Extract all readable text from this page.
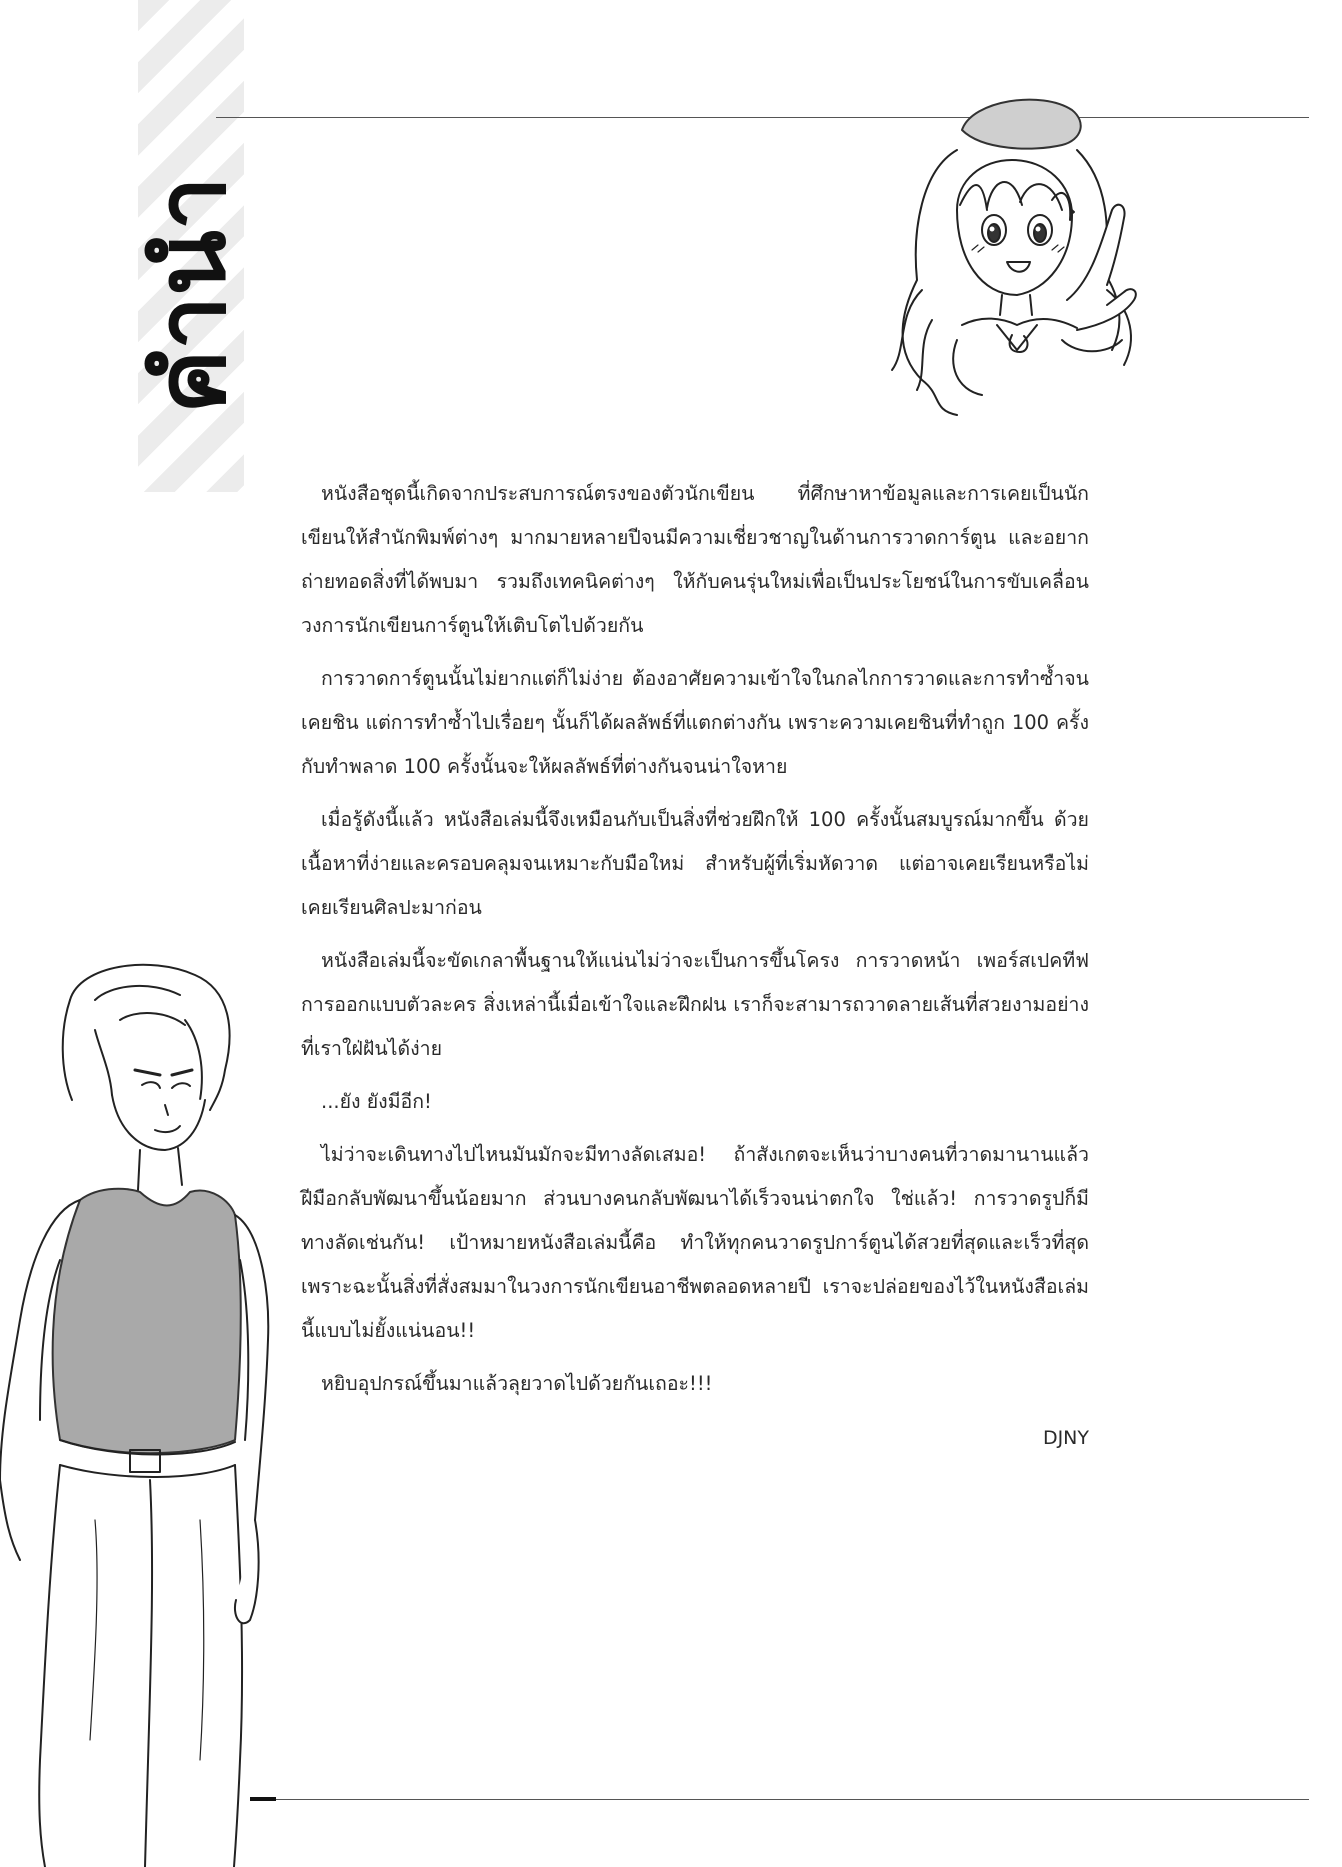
คำนำ

หนังสือชุดนี้เกิดจากประสบการณ์ตรงของตัวนักเขียน ที่ศึกษาหาข้อมูลและการเคยเป็นนักเขียนให้สำนักพิมพ์ต่างๆ มากมายหลายปีจนมีความเชี่ยวชาญในด้านการวาดการ์ตูน และอยากถ่ายทอดสิ่งที่ได้พบมา รวมถึงเทคนิคต่างๆ ให้กับคนรุ่นใหม่เพื่อเป็นประโยชน์ในการขับเคลื่อนวงการนักเขียนการ์ตูนให้เติบโตไปด้วยกัน

การวาดการ์ตูนนั้นไม่ยากแต่ก็ไม่ง่าย ต้องอาศัยความเข้าใจในกลไกการวาดและการทำซ้ำจนเคยชิน แต่การทำซ้ำไปเรื่อยๆ นั้นก็ได้ผลลัพธ์ที่แตกต่างกัน เพราะความเคยชินที่ทำถูก 100 ครั้ง กับทำพลาด 100 ครั้งนั้นจะให้ผลลัพธ์ที่ต่างกันจนน่าใจหาย

เมื่อรู้ดังนี้แล้ว หนังสือเล่มนี้จึงเหมือนกับเป็นสิ่งที่ช่วยฝึกให้ 100 ครั้งนั้นสมบูรณ์มากขึ้น ด้วยเนื้อหาที่ง่ายและครอบคลุมจนเหมาะกับมือใหม่ สำหรับผู้ที่เริ่มหัดวาด แต่อาจเคยเรียนหรือไม่เคยเรียนศิลปะมาก่อน

หนังสือเล่มนี้จะขัดเกลาพื้นฐานให้แน่นไม่ว่าจะเป็นการขึ้นโครง การวาดหน้า เพอร์สเปคทีฟ การออกแบบตัวละคร สิ่งเหล่านี้เมื่อเข้าใจและฝึกฝน เราก็จะสามารถวาดลายเส้นที่สวยงามอย่างที่เราใฝ่ฝันได้ง่าย

...ยัง ยังมีอีก!

ไม่ว่าจะเดินทางไปไหนมันมักจะมีทางลัดเสมอ! ถ้าสังเกตจะเห็นว่าบางคนที่วาดมานานแล้วฝีมือกลับพัฒนาขึ้นน้อยมาก ส่วนบางคนกลับพัฒนาได้เร็วจนน่าตกใจ ใช่แล้ว! การวาดรูปก็มีทางลัดเช่นกัน! เป้าหมายหนังสือเล่มนี้คือ ทำให้ทุกคนวาดรูปการ์ตูนได้สวยที่สุดและเร็วที่สุด เพราะฉะนั้นสิ่งที่สั่งสมมาในวงการนักเขียนอาชีพตลอดหลายปี เราจะปล่อยของไว้ในหนังสือเล่มนี้แบบไม่ยั้งแน่นอน!!

หยิบอุปกรณ์ขึ้นมาแล้วลุยวาดไปด้วยกันเถอะ!!!

DJNY
